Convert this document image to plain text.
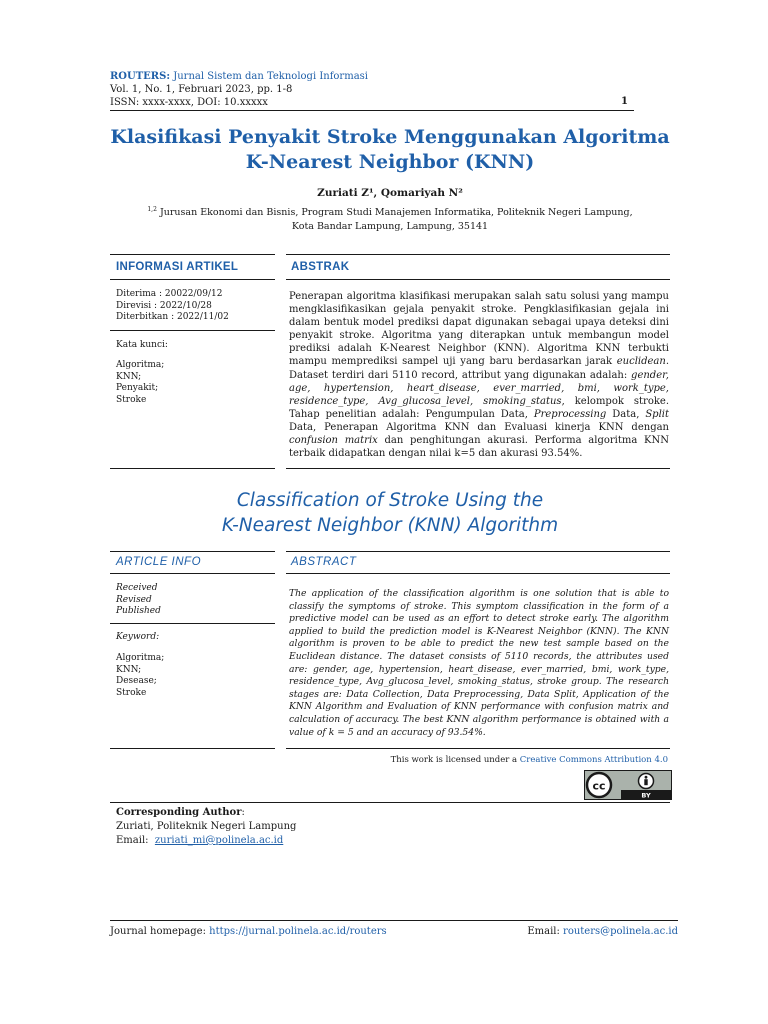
ROUTERS: Jurnal Sistem dan Teknologi Informasi
Vol. 1, No. 1, Februari 2023, pp. 1-8
ISSN: xxxx-xxxx, DOI: 10.xxxxx	1
Klasifikasi Penyakit Stroke Menggunakan Algoritma
K-Nearest Neighbor (KNN)
Zuriati Z¹, Qomariyah N²
$^{1,2}$ Jurusan Ekonomi dan Bisnis, Program Studi Manajemen Informatika, Politeknik Negeri Lampung,
Kota Bandar Lampung, Lampung, 35141
INFORMASI ARTIKEL	ABSTRAK
Diterima : 20022/09/12
Direvisi : 2022/10/28
Diterbitkan : 2022/11/02
Kata kunci:
Algoritma;
KNN;
Penyakit;
Stroke
Penerapan algoritma klasifikasi merupakan salah satu solusi yang mampu mengklasifikasikan gejala penyakit stroke. Pengklasifikasian gejala ini dalam bentuk model prediksi dapat digunakan sebagai upaya deteksi dini penyakit stroke. Algoritma yang diterapkan untuk membangun model prediksi adalah K-Nearest Neighbor (KNN). Algoritma KNN terbukti mampu memprediksi sampel uji yang baru berdasarkan jarak euclidean. Dataset terdiri dari 5110 record, attribut yang digunakan adalah: gender, age, hypertension, heart_disease, ever_married, bmi, work_type, residence_type, Avg_glucosa_level, smoking_status, kelompok stroke. Tahap penelitian adalah: Pengumpulan Data, Preprocessing Data, Split Data, Penerapan Algoritma KNN dan Evaluasi kinerja KNN dengan confusion matrix dan penghitungan akurasi. Performa algoritma KNN terbaik didapatkan dengan nilai k=5 dan akurasi 93.54%.
Classification of Stroke Using the
K-Nearest Neighbor (KNN) Algorithm
ARTICLE INFO	ABSTRACT
Received
Revised
Published
Keyword:
Algoritma;
KNN;
Desease;
Stroke
The application of the classification algorithm is one solution that is able to classify the symptoms of stroke. This symptom classification in the form of a predictive model can be used as an effort to detect stroke early. The algorithm applied to build the prediction model is K-Nearest Neighbor (KNN). The KNN algorithm is proven to be able to predict the new test sample based on the Euclidean distance. The dataset consists of 5110 records, the attributes used are: gender, age, hypertension, heart_disease, ever_married, bmi, work_type, residence_type, Avg_glucosa_level, smoking_status, stroke group. The research stages are: Data Collection, Data Preprocessing, Data Split, Application of the KNN Algorithm and Evaluation of KNN performance with confusion matrix and calculation of accuracy. The best KNN algorithm performance is obtained with a value of k = 5 and an accuracy of 93.54%.
This work is licensed under a Creative Commons Attribution 4.0
cc
BY
Corresponding Author:
Zuriati, Politeknik Negeri Lampung
Email: zuriati_mi@polinela.ac.id
Journal homepage: https://jurnal.polinela.ac.id/routers	Email: routers@polinela.ac.id
